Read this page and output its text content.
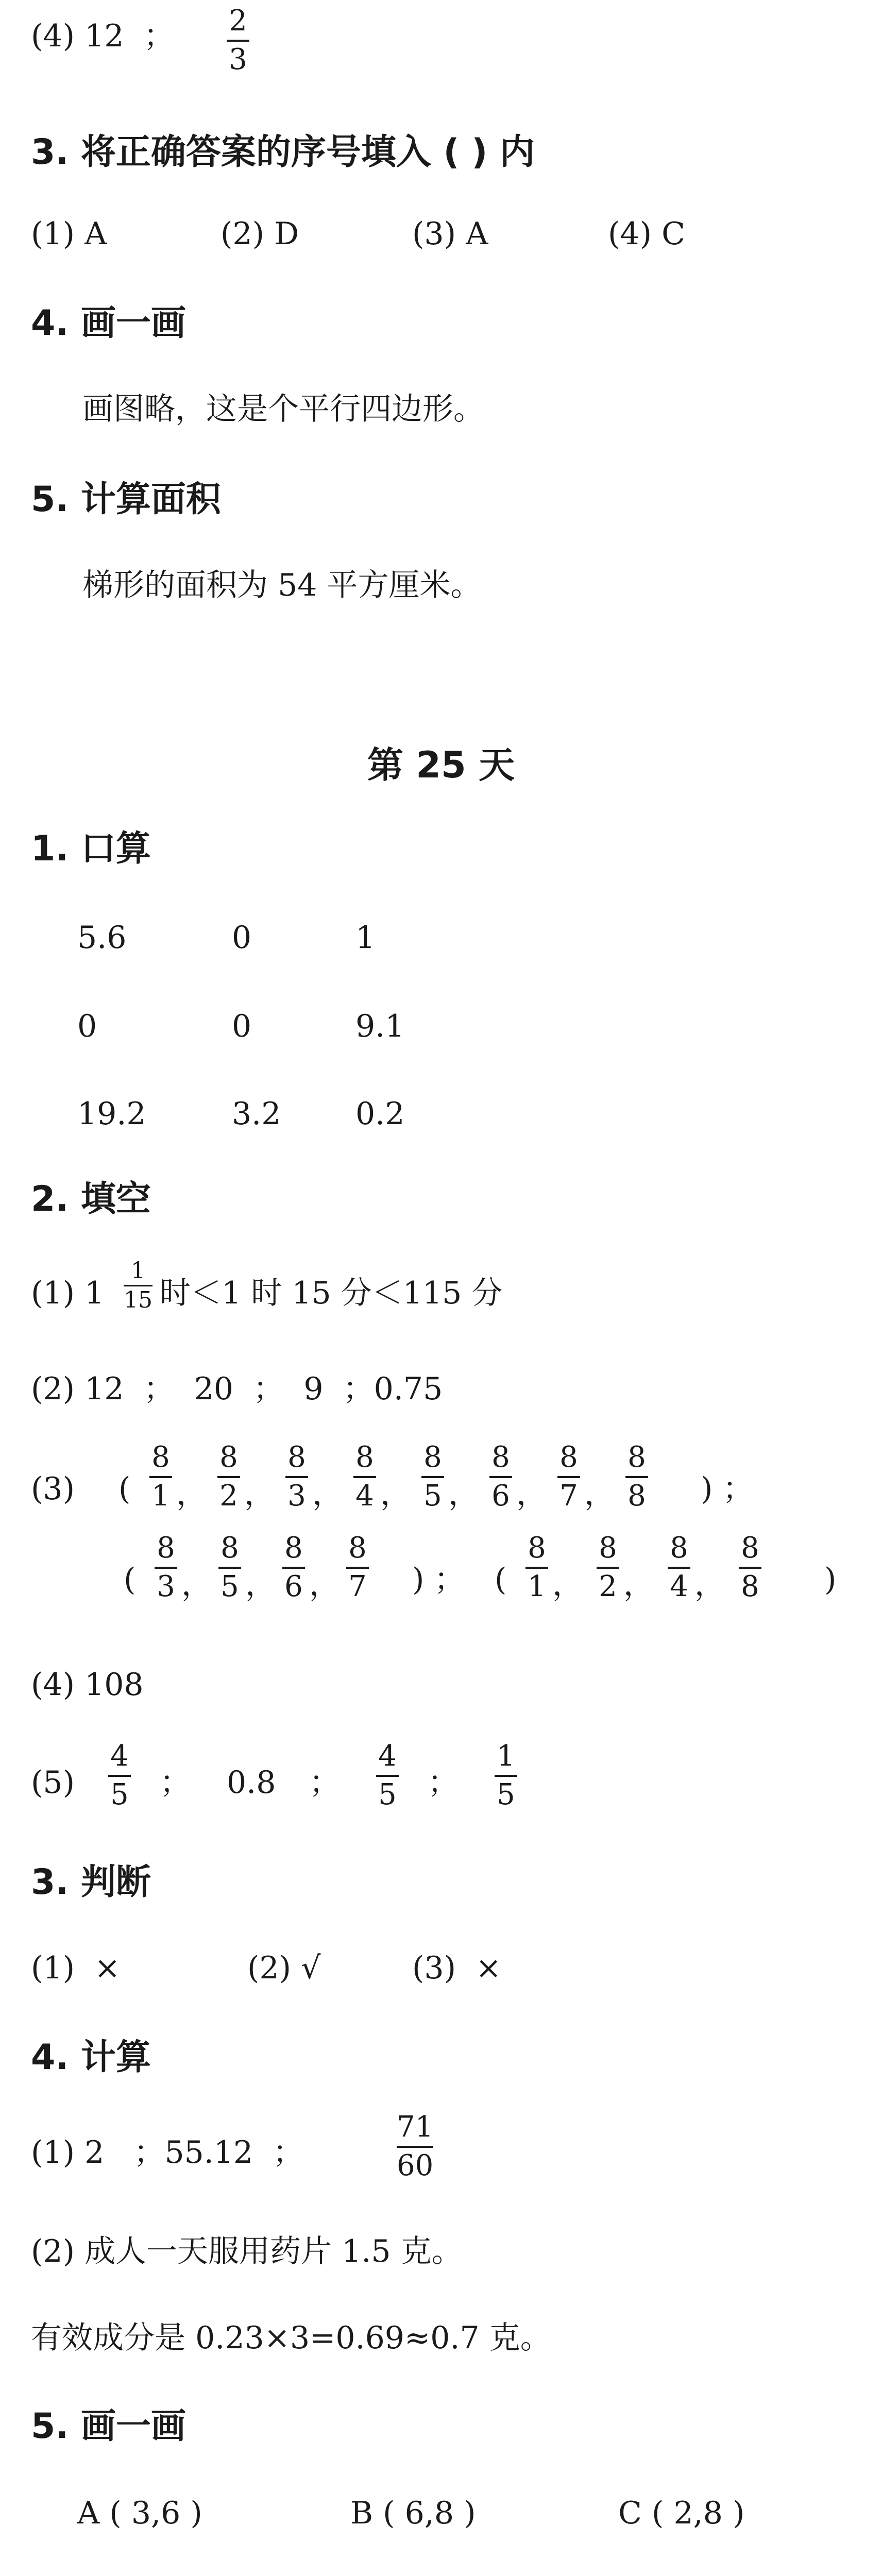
(4) 12  ； 2
3
3. 将正确答案的序号填入 ( ) 内
(1) A	(2) D	(3) A	(4) C
4. 画一画
画图略，这是个平行四边形。
5. 计算面积
梯形的面积为 54 平方厘米。
第 25 天
1. 口算
5.6	0	1
0	0	9.1
19.2	3.2 0.2
2. 填空
(1) 1
1
15 时＜1 时 15 分＜115 分
(2) 12  ；  20  ；  9  ；0.75
(3) (
8
1 ，
8
2 ，
8
3 ，
8
4 ，
8
5 ，
8
6 ，
8
7 ，
8
8 ) ；
(
8
3 ，
8
5 ，
8
6 ，
8
7 ) ； (
8
1 ，
8
2 ，
8
4 ，
8
8 )
(4) 108
(5)
4
5 ； 0.8 ；
4
5 ；
1
5
3. 判断
(1)  ×	(2) √	(3)  ×
4. 计算
(1) 2   ；55.12  ；
71
60
(2) 成人一天服用药片 1.5 克。
有效成分是 0.23×3=0.69≈0.7 克。
5. 画一画
A ( 3,6 )	B ( 6,8 )	C ( 2,8 )
